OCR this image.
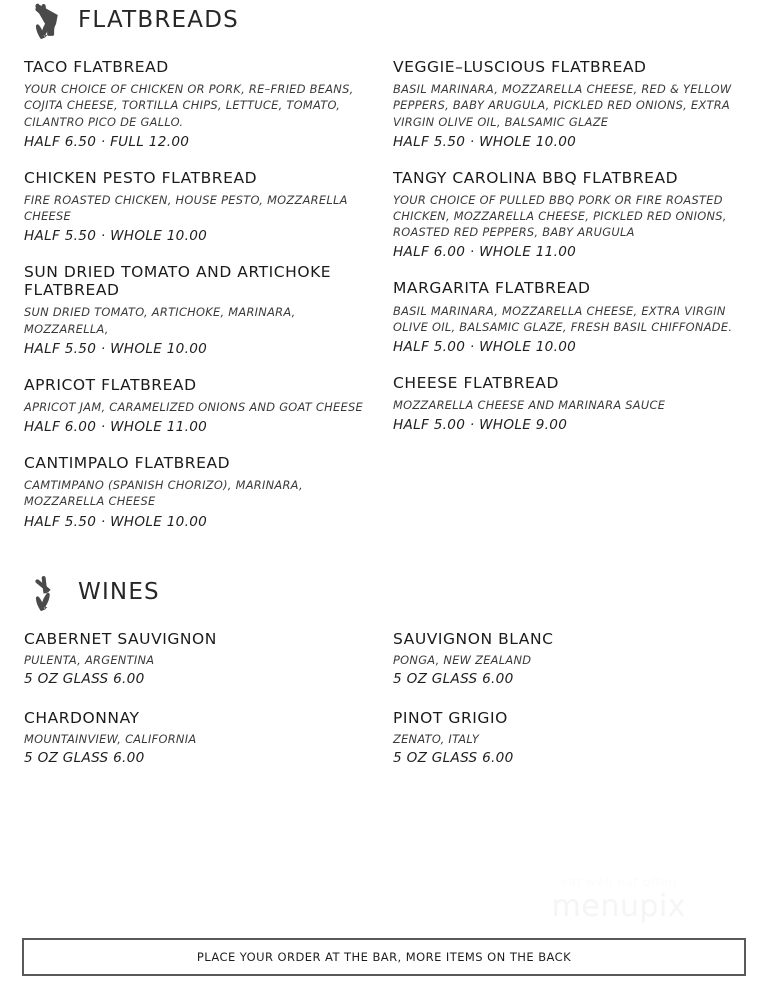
FLATBREADS
TACO FLATBREAD
YOUR CHOICE OF CHICKEN OR PORK, RE–FRIED BEANS, COJITA CHEESE, TORTILLA CHIPS, LETTUCE, TOMATO, CILANTRO PICO DE GALLO.
HALF 6.50 · FULL 12.00
CHICKEN PESTO FLATBREAD
FIRE ROASTED CHICKEN, HOUSE PESTO, MOZZARELLA CHEESE
HALF 5.50 · WHOLE 10.00
SUN DRIED TOMATO AND ARTICHOKE FLATBREAD
SUN DRIED TOMATO, ARTICHOKE, MARINARA, MOZZARELLA,
HALF 5.50 · WHOLE 10.00
APRICOT FLATBREAD
APRICOT JAM, CARAMELIZED ONIONS AND GOAT CHEESE
HALF 6.00 · WHOLE 11.00
CANTIMPALO FLATBREAD
CAMTIMPANO (SPANISH CHORIZO), MARINARA, MOZZARELLA CHEESE
HALF 5.50 · WHOLE 10.00
VEGGIE–LUSCIOUS FLATBREAD
BASIL MARINARA, MOZZARELLA CHEESE, RED & YELLOW PEPPERS, BABY ARUGULA, PICKLED RED ONIONS, EXTRA VIRGIN OLIVE OIL, BALSAMIC GLAZE
HALF 5.50 · WHOLE 10.00
TANGY CAROLINA BBQ FLATBREAD
YOUR CHOICE OF PULLED BBQ PORK OR FIRE ROASTED CHICKEN, MOZZARELLA CHEESE, PICKLED RED ONIONS, ROASTED RED PEPPERS, BABY ARUGULA
HALF 6.00 · WHOLE 11.00
MARGARITA FLATBREAD
BASIL MARINARA, MOZZARELLA CHEESE, EXTRA VIRGIN OLIVE OIL, BALSAMIC GLAZE, FRESH BASIL CHIFFONADE.
HALF 5.00 · WHOLE 10.00
CHEESE FLATBREAD
MOZZARELLA CHEESE AND MARINARA SAUCE
HALF 5.00 · WHOLE 9.00
WINES
CABERNET SAUVIGNON
PULENTA, ARGENTINA
5 OZ GLASS 6.00
CHARDONNAY
MOUNTAINVIEW, CALIFORNIA
5 OZ GLASS 6.00
SAUVIGNON BLANC
PONGA, NEW ZEALAND
5 OZ GLASS 6.00
PINOT GRIGIO
ZENATO, ITALY
5 OZ GLASS 6.00
eat well eat often
menupix
PLACE YOUR ORDER AT THE BAR, MORE ITEMS ON THE BACK
